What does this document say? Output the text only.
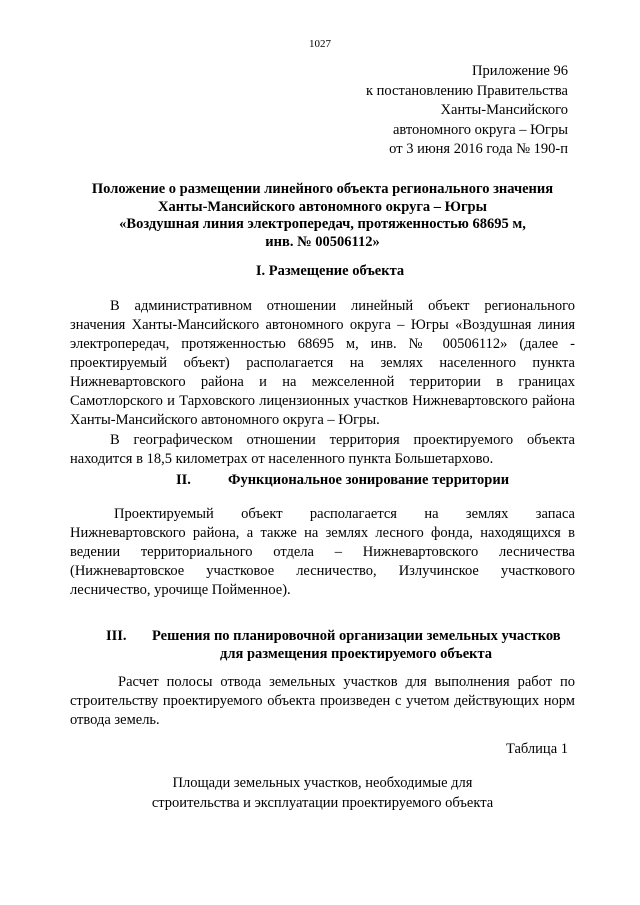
1027
Приложение 96
к постановлению Правительства
Ханты-Мансийского
автономного округа – Югры
от 3 июня 2016 года № 190-п
Положение о размещении линейного объекта регионального значения
Ханты-Мансийского автономного округа – Югры
«Воздушная линия электропередач, протяженностью 68695 м,
инв. № 00506112»
I. Размещение объекта
В административном отношении линейный объект регионального значения Ханты-Мансийского автономного округа – Югры «Воздушная линия электропередач, протяженностью 68695 м, инв. № 00506112» (далее - проектируемый объект) располагается на землях населенного пункта Нижневартовского района и на межселенной территории в границах Самотлорского и Тарховского лицензионных участков Нижневартовского района Ханты-Мансийского автономного округа – Югры.
В географическом отношении территория проектируемого объекта находится в 18,5 километрах от населенного пункта Большетархово.
II.	Функциональное зонирование территории
Проектируемый объект располагается на землях запаса Нижневартовского района, а также на землях лесного фонда, находящихся в ведении территориального отдела – Нижневартовского лесничества (Нижневартовское участковое лесничество, Излучинское участкового лесничество, урочище Пойменное).
III. Решения по планировочной организации земельных участков
для размещения проектируемого объекта
Расчет полосы отвода земельных участков для выполнения работ по строительству проектируемого объекта произведен с учетом действующих норм отвода земель.
Таблица 1
Площади земельных участков, необходимые для
строительства и эксплуатации проектируемого объекта
